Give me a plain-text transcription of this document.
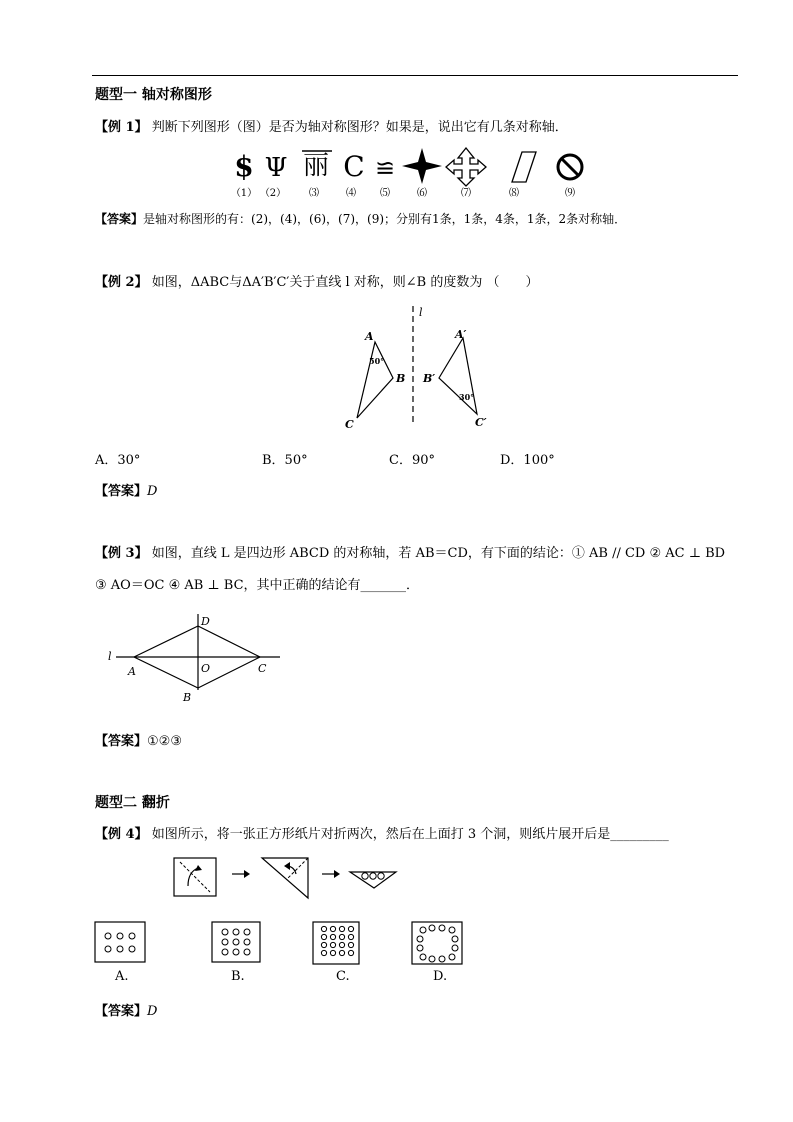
题型一 轴对称图形
【例 1】 判断下列图形（图）是否为轴对称图形？如果是，说出它有几条对称轴．
$ Ψ 丽 C ≌
（1） （2） ⑶	⑷ ⑸	⑹	⑺	⑻	⑼
【答案】是轴对称图形的有：(2)，(4)，(6)，(7)，(9)；分别有1条，1条，4条，1条，2条对称轴．
【例 2】 如图，ΔABC与ΔA′B′C′关于直线 l 对称，则∠B 的度数为 （　　）
l
A
B
C
50°
A′
B′
C′
30°
A．30°	B．50°	C．90°	D．100°
【答案】D
【例 3】 如图，直线 L 是四边形 ABCD 的对称轴，若 AB＝CD，有下面的结论：① AB // CD ② AC ⊥ BD
③ AO＝OC ④ AB ⊥ BC，其中正确的结论有_______．
l
D
A	O	C
B
【答案】①②③
题型二 翻折
【例 4】 如图所示，将一张正方形纸片对折两次，然后在上面打 3 个洞，则纸片展开后是_________
A.	B.	C.	D.
【答案】D
